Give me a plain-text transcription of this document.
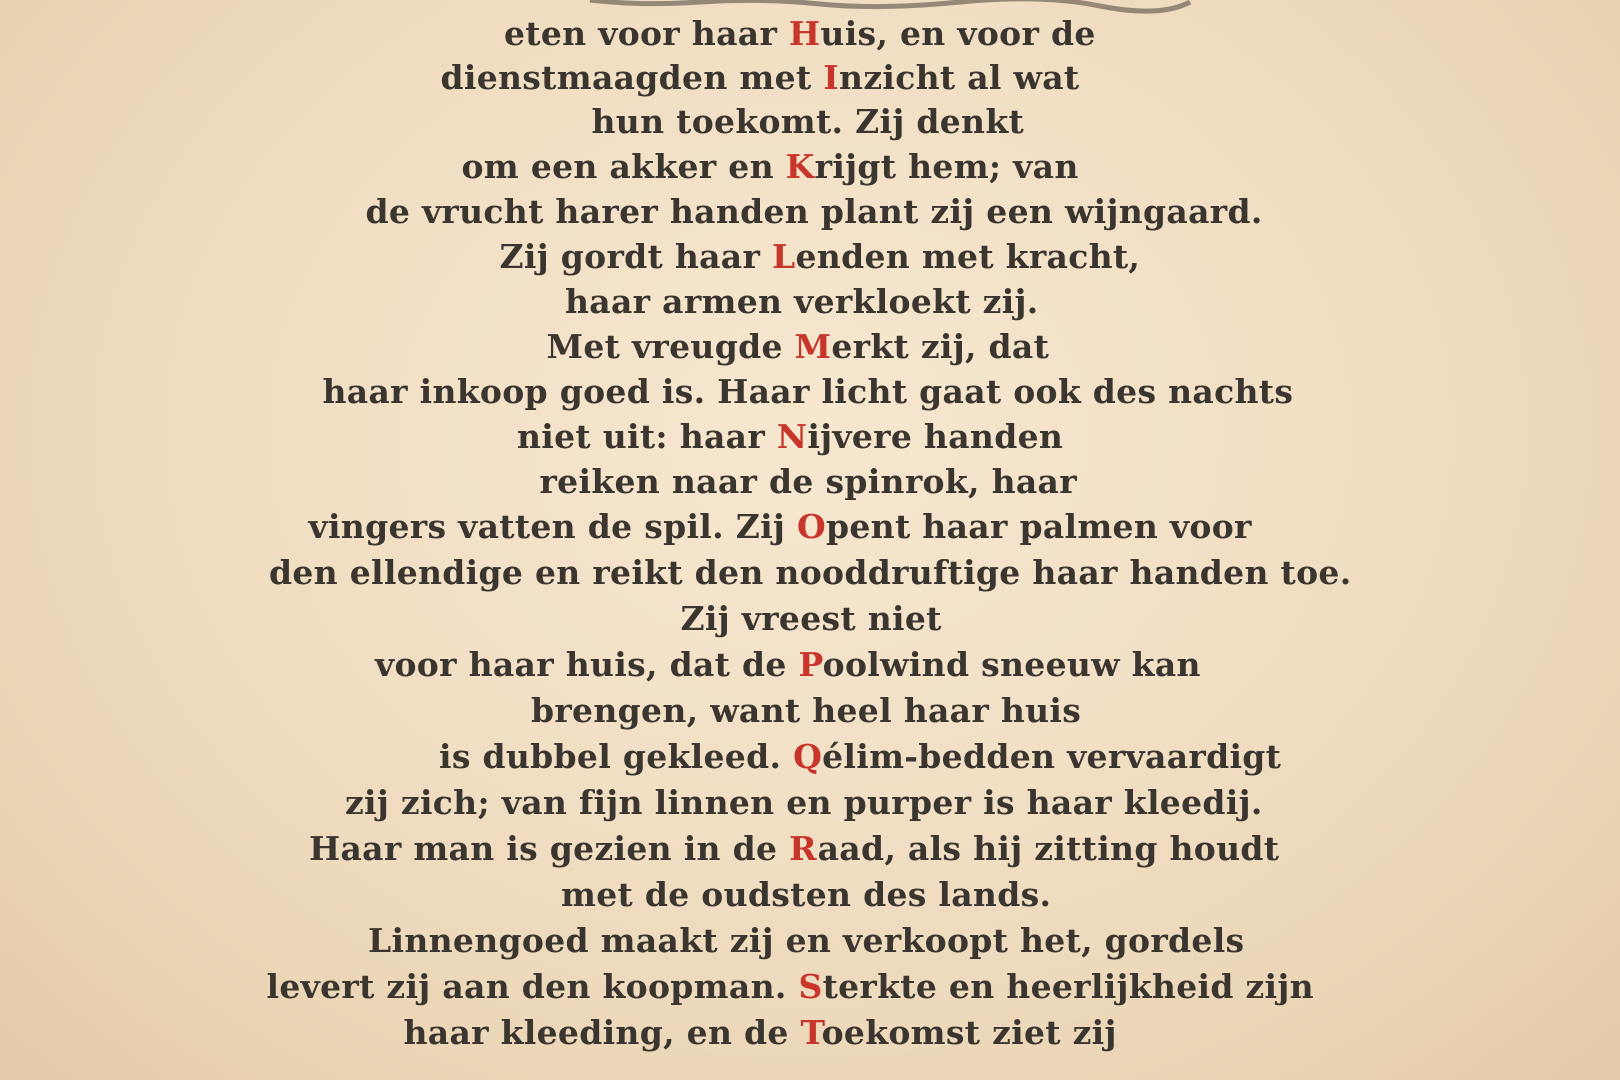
eten voor haar Huis, en voor de
dienstmaagden met Inzicht al wat
hun toekomt. Zij denkt
om een akker en Krijgt hem; van
de vrucht harer handen plant zij een wijngaard.
Zij gordt haar Lenden met kracht,
haar armen verkloekt zij.
Met vreugde Merkt zij, dat
haar inkoop goed is. Haar licht gaat ook des nachts
niet uit: haar Nijvere handen
reiken naar de spinrok, haar
vingers vatten de spil. Zij Opent haar palmen voor
den ellendige en reikt den nooddruftige haar handen toe.
Zij vreest niet
voor haar huis, dat de Poolwind sneeuw kan
brengen, want heel haar huis
is dubbel gekleed. Qélim-bedden vervaardigt
zij zich; van fijn linnen en purper is haar kleedij.
Haar man is gezien in de Raad, als hij zitting houdt
met de oudsten des lands.
Linnengoed maakt zij en verkoopt het, gordels
levert zij aan den koopman. Sterkte en heerlijkheid zijn
haar kleeding, en de Toekomst ziet zij
